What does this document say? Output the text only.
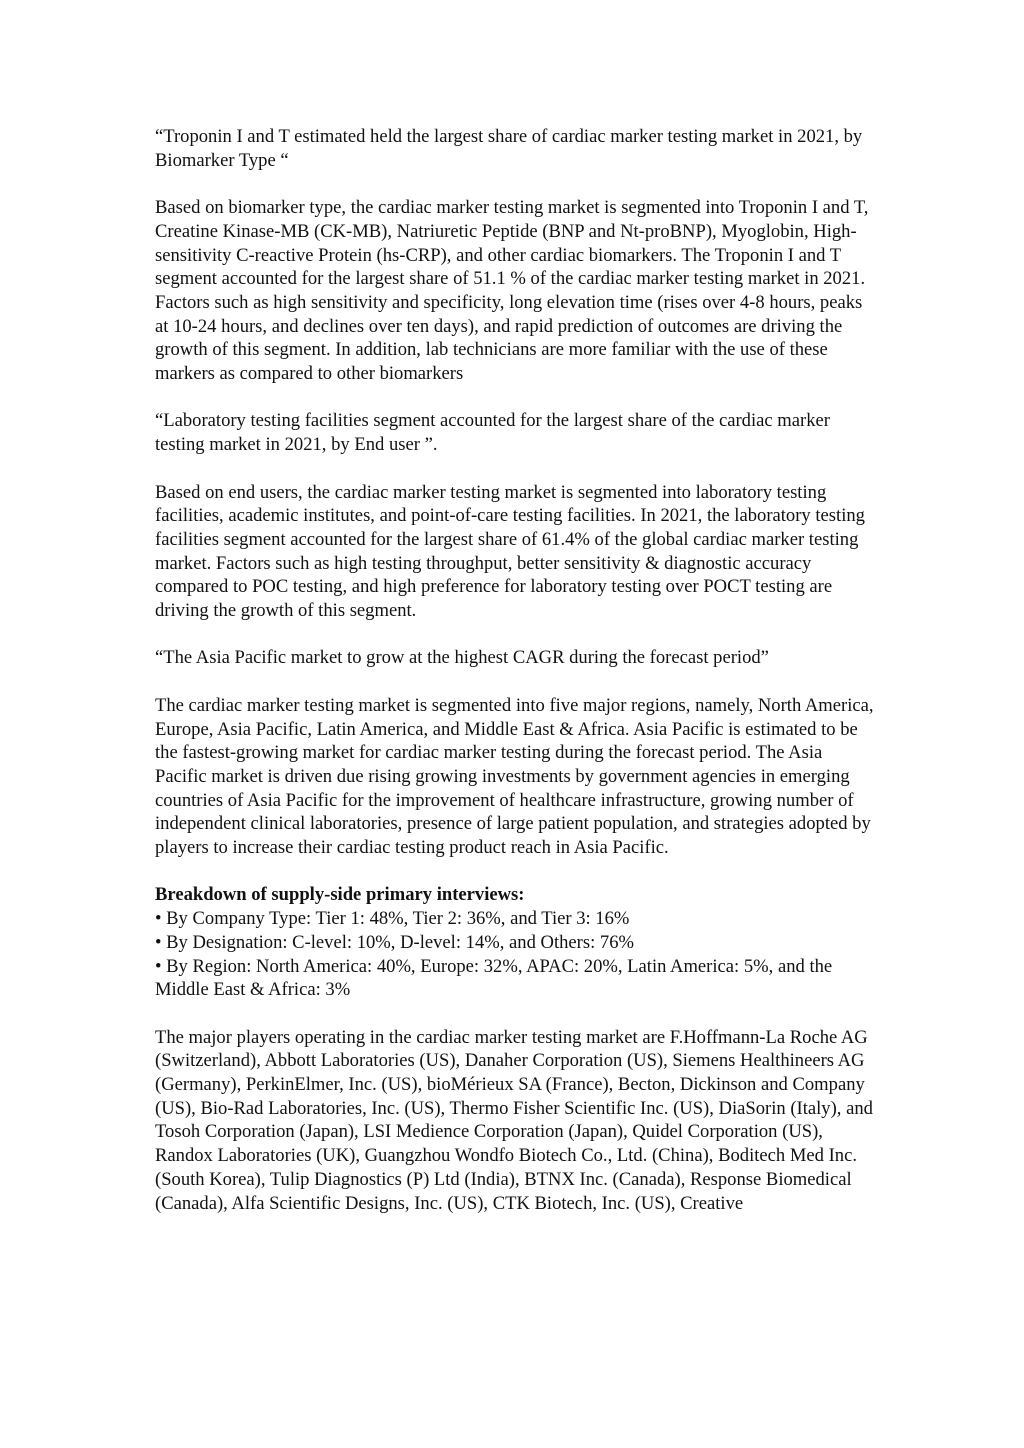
“Troponin I and T estimated held the largest share of cardiac marker testing market in 2021, by Biomarker Type “

Based on biomarker type, the cardiac marker testing market is segmented into Troponin I and T, Creatine Kinase-MB (CK-MB), Natriuretic Peptide (BNP and Nt-proBNP), Myoglobin, High-sensitivity C-reactive Protein (hs-CRP), and other cardiac biomarkers. The Troponin I and T segment accounted for the largest share of 51.1 % of the cardiac marker testing market in 2021.

Factors such as high sensitivity and specificity, long elevation time (rises over 4-8 hours, peaks at 10-24 hours, and declines over ten days), and rapid prediction of outcomes are driving the growth of this segment. In addition, lab technicians are more familiar with the use of these markers as compared to other biomarkers

“Laboratory testing facilities segment accounted for the largest share of the cardiac marker testing market in 2021, by End user ”.

Based on end users, the cardiac marker testing market is segmented into laboratory testing facilities, academic institutes, and point-of-care testing facilities. In 2021, the laboratory testing facilities segment accounted for the largest share of 61.4% of the global cardiac marker testing market. Factors such as high testing throughput, better sensitivity & diagnostic accuracy compared to POC testing, and high preference for laboratory testing over POCT testing are driving the growth of this segment.

“The Asia Pacific market to grow at the highest CAGR during the forecast period”

The cardiac marker testing market is segmented into five major regions, namely, North America, Europe, Asia Pacific, Latin America, and Middle East & Africa. Asia Pacific is estimated to be the fastest-growing market for cardiac marker testing during the forecast period. The Asia Pacific market is driven due rising growing investments by government agencies in emerging countries of Asia Pacific for the improvement of healthcare infrastructure, growing number of independent clinical laboratories, presence of large patient population, and strategies adopted by players to increase their cardiac testing product reach in Asia Pacific.

Breakdown of supply-side primary interviews:

• By Company Type: Tier 1: 48%, Tier 2: 36%, and Tier 3: 16%

• By Designation: C-level: 10%, D-level: 14%, and Others: 76%

• By Region: North America: 40%, Europe: 32%, APAC: 20%, Latin America: 5%, and the Middle East & Africa: 3%

The major players operating in the cardiac marker testing market are F.Hoffmann-La Roche AG (Switzerland), Abbott Laboratories (US), Danaher Corporation (US), Siemens Healthineers AG (Germany), PerkinElmer, Inc. (US), bioMérieux SA (France), Becton, Dickinson and Company (US), Bio-Rad Laboratories, Inc. (US), Thermo Fisher Scientific Inc. (US), DiaSorin (Italy), and Tosoh Corporation (Japan), LSI Medience Corporation (Japan), Quidel Corporation (US), Randox Laboratories (UK), Guangzhou Wondfo Biotech Co., Ltd. (China), Boditech Med Inc. (South Korea), Tulip Diagnostics (P) Ltd (India), BTNX Inc. (Canada), Response Biomedical (Canada), Alfa Scientific Designs, Inc. (US), CTK Biotech, Inc. (US), Creative
